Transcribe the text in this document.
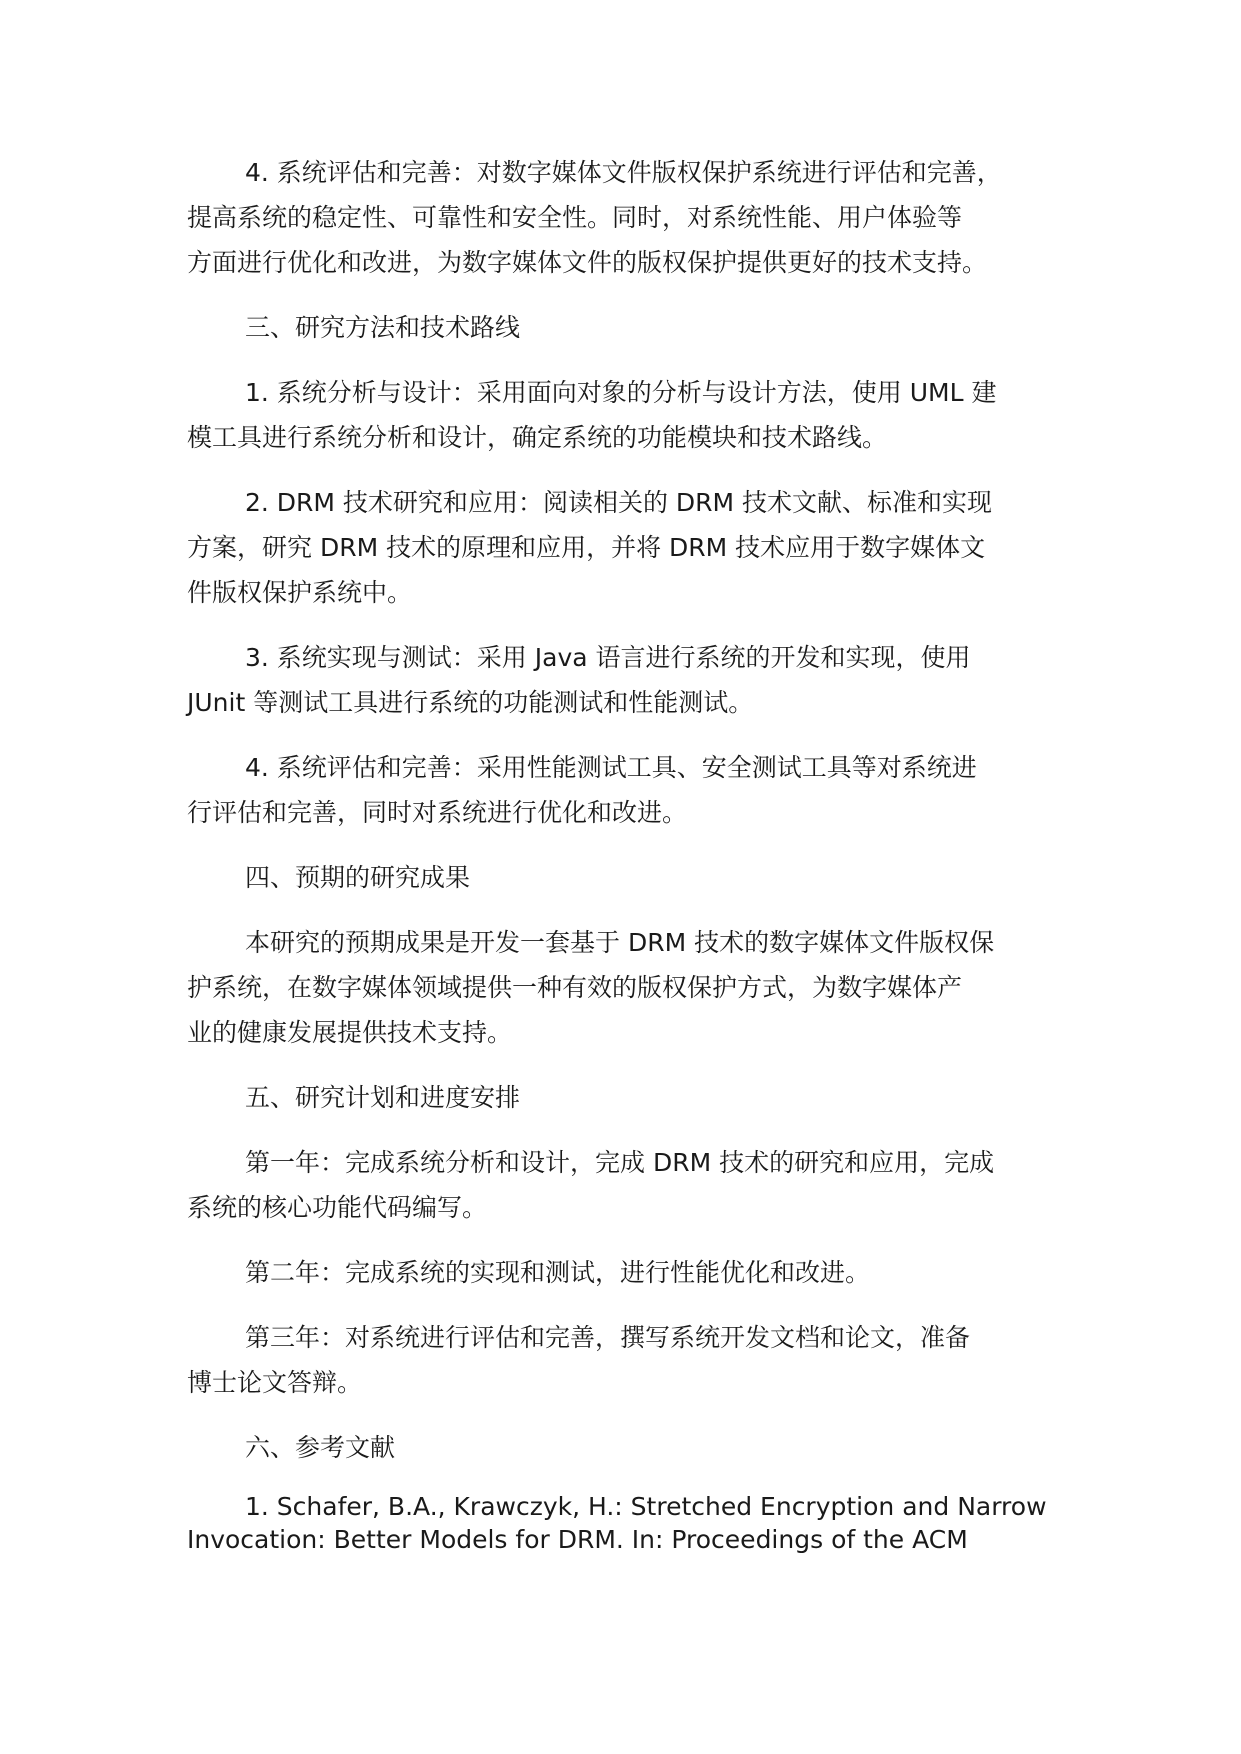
4. 系统评估和完善：对数字媒体文件版权保护系统进行评估和完善，
提高系统的稳定性、可靠性和安全性。同时，对系统性能、用户体验等
方面进行优化和改进，为数字媒体文件的版权保护提供更好的技术支持。

三、研究方法和技术路线

1. 系统分析与设计：采用面向对象的分析与设计方法，使用 UML 建
模工具进行系统分析和设计，确定系统的功能模块和技术路线。

2. DRM 技术研究和应用：阅读相关的 DRM 技术文献、标准和实现
方案，研究 DRM 技术的原理和应用，并将 DRM 技术应用于数字媒体文
件版权保护系统中。

3. 系统实现与测试：采用 Java 语言进行系统的开发和实现，使用
JUnit 等测试工具进行系统的功能测试和性能测试。

4. 系统评估和完善：采用性能测试工具、安全测试工具等对系统进
行评估和完善，同时对系统进行优化和改进。

四、预期的研究成果

本研究的预期成果是开发一套基于 DRM 技术的数字媒体文件版权保
护系统，在数字媒体领域提供一种有效的版权保护方式，为数字媒体产
业的健康发展提供技术支持。

五、研究计划和进度安排

第一年：完成系统分析和设计，完成 DRM 技术的研究和应用，完成
系统的核心功能代码编写。

第二年：完成系统的实现和测试，进行性能优化和改进。

第三年：对系统进行评估和完善，撰写系统开发文档和论文，准备
博士论文答辩。

六、参考文献

1. Schafer, B.A., Krawczyk, H.: Stretched Encryption and Narrow
Invocation: Better Models for DRM. In: Proceedings of the ACM
